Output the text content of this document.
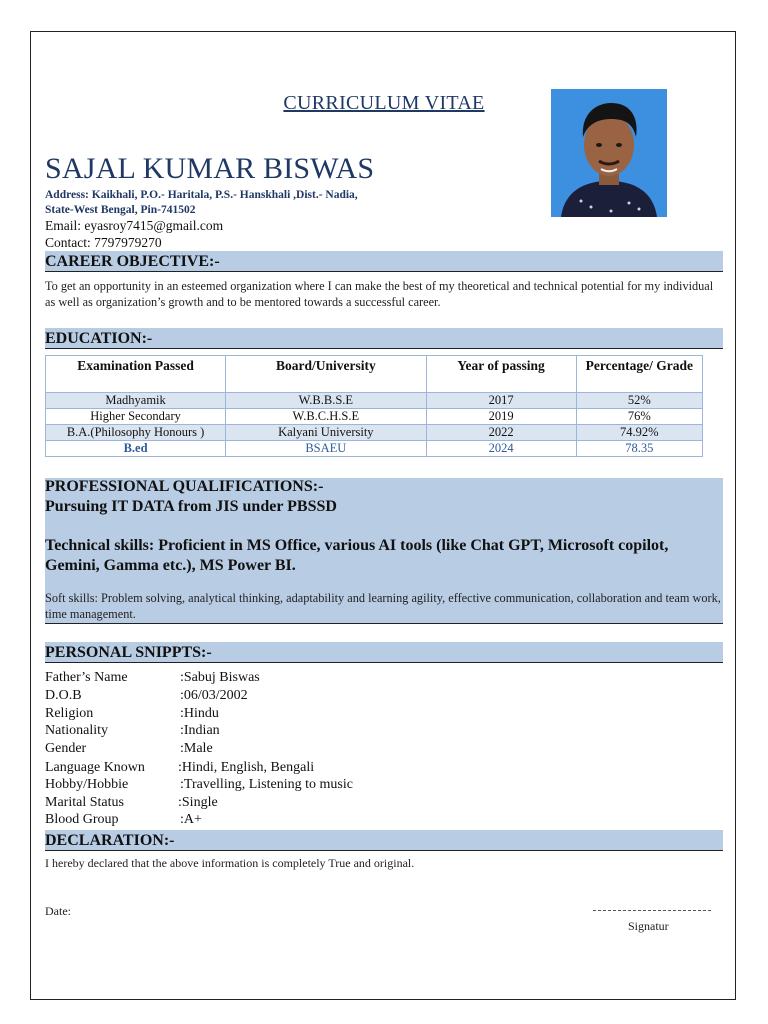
CURRICULUM VITAE
SAJAL KUMAR BISWAS
Address: Kaikhali, P.O.- Haritala, P.S.- Hanskhali ,Dist.- Nadia,
State-West Bengal, Pin-741502
Email: eyasroy7415@gmail.com
Contact: 7797979270
CAREER OBJECTIVE:-
To get an opportunity in an esteemed organization where I can make the best of my theoretical and technical potential for my individual as well as organization’s growth and to be mentored towards a successful career.
EDUCATION:-
Examination Passed	Board/University	Year of passing	Percentage/ Grade
Madhyamik	W.B.B.S.E	2017	52%
Higher Secondary	W.B.C.H.S.E	2019	76%
B.A.(Philosophy Honours )	Kalyani University	2022	74.92%
B.ed	BSAEU	2024	78.35
PROFESSIONAL QUALIFICATIONS:-
Pursuing IT DATA from JIS under PBSSD
Technical skills: Proficient in MS Office, various AI tools (like Chat GPT, Microsoft copilot, Gemini, Gamma etc.), MS Power BI.
Soft skills: Problem solving, analytical thinking, adaptability and learning agility, effective communication, collaboration and team work, time management.
PERSONAL SNIPPTS:-
Father’s Name	:Sabuj Biswas
D.O.B	:06/03/2002
Religion	:Hindu
Nationality	:Indian
Gender	:Male
Language Known :Hindi, English, Bengali
Hobby/Hobbie	:Travelling, Listening to music
Marital Status	:Single
Blood Group	:A+
DECLARATION:-
I hereby declared that the above information is completely True and original.
Date:
Signatur
